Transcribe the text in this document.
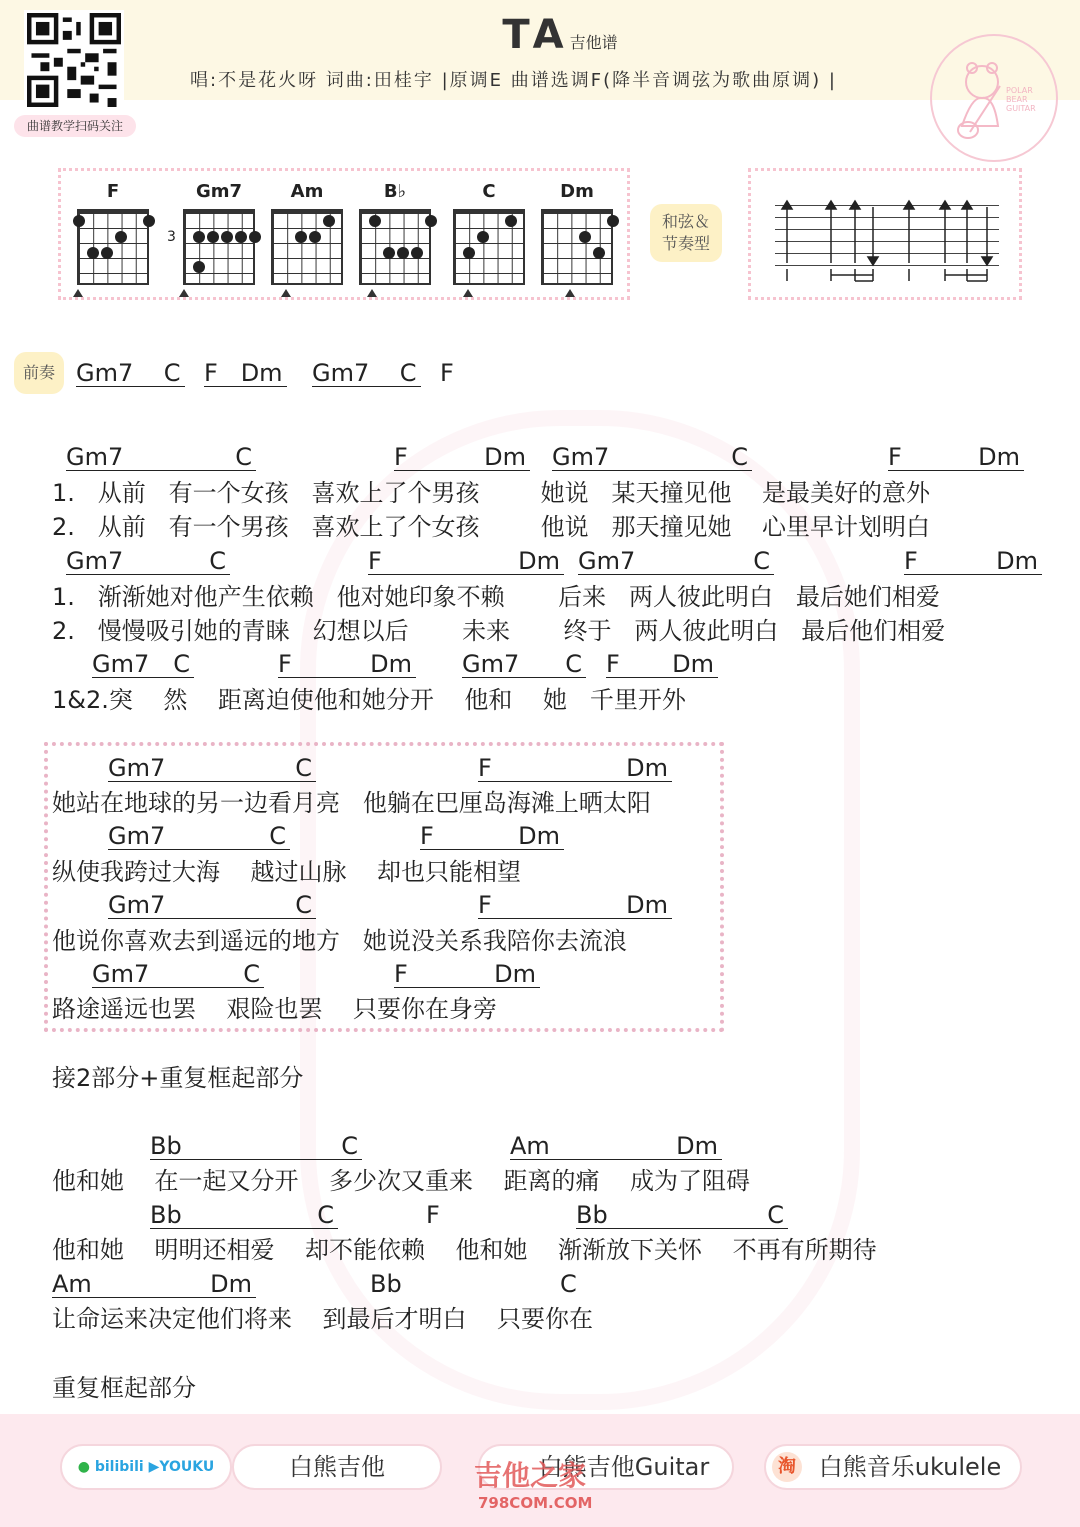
曲谱教学扫码关注
TA吉他谱
唱:不是花火呀 词曲:田桂宇 |原调E 曲谱选调F(降半音调弦为歌曲原调) |	POLAR BEAR GUITAR
F	Gm7
3
Am	B♭	C	Dm
和弦＆
节奏型
前奏 Gm7 C F Dm Gm7 C F
Gm7	C	F	Dm Gm7	C	F	Dm
1.   从前   有一个女孩   喜欢上了个男孩        她说   某天撞见他    是最美好的意外
2.   从前   有一个男孩   喜欢上了个女孩        他说   那天撞见她    心里早计划明白
Gm7	C	F	Dm Gm7	C	F	Dm
1.   渐渐她对他产生依赖   他对她印象不赖       后来   两人彼此明白   最后她们相爱
2.   慢慢吸引她的青睐   幻想以后       未来       终于   两人彼此明白   最后他们相爱
Gm7 C	F	Dm Gm7 C F Dm
1&2.突    然    距离迫使他和她分开    他和    她   千里开外
Gm7	C	F	Dm
她站在地球的另一边看月亮   他躺在巴厘岛海滩上晒太阳
Gm7	C	F	Dm
纵使我跨过大海    越过山脉    却也只能相望
Gm7	C	F	Dm
他说你喜欢去到遥远的地方   她说没关系我陪你去流浪
Gm7	C	F	Dm
路途遥远也罢    艰险也罢    只要你在身旁
接2部分+重复框起部分
Bb	C	Am	Dm
他和她    在一起又分开    多少次又重来    距离的痛    成为了阻碍
Bb	C	F	Bb	C
他和她    明明还相爱    却不能依赖    他和她    渐渐放下关怀    不再有所期待
Am	Dm	Bb	C
让命运来决定他们将来    到最后才明白    只要你在
重复框起部分
● bilibili ▶YOUKU	白熊吉他	白熊吉他Guitar	白熊音乐ukulele
淘
吉他之家
798COM.COM
